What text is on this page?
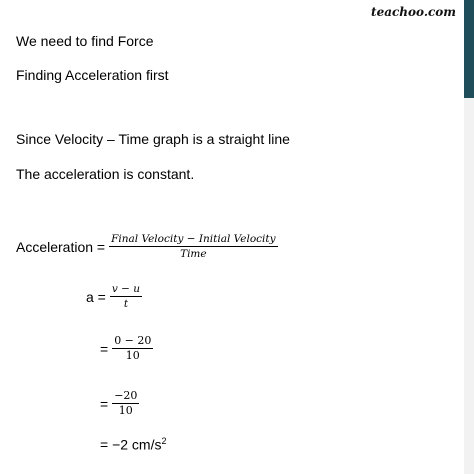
teachoo.com
We need to find Force
Finding Acceleration first
Since Velocity – Time graph is a straight line
The acceleration is constant.
Acceleration = $\frac{\text{Final Velocity − Initial Velocity}}{\text{Time}}$
$a = \frac{v - u}{t}$
= $\frac{0 - 20}{10}$
= $\frac{-20}{10}$
= −2 $cm/s^2$
